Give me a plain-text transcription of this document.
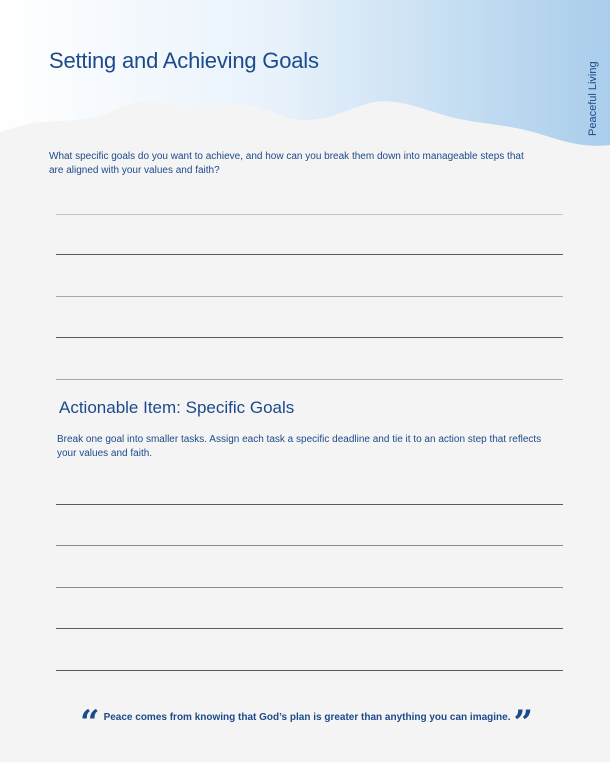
Setting and Achieving Goals
Peaceful Living

What specific goals do you want to achieve, and how can you break them down into manageable steps that are aligned with your values and faith?

Actionable Item: Specific Goals

Break one goal into smaller tasks. Assign each task a specific deadline and tie it to an action step that reflects your values and faith.

“ Peace comes from knowing that God’s plan is greater than anything you can imagine. ”
